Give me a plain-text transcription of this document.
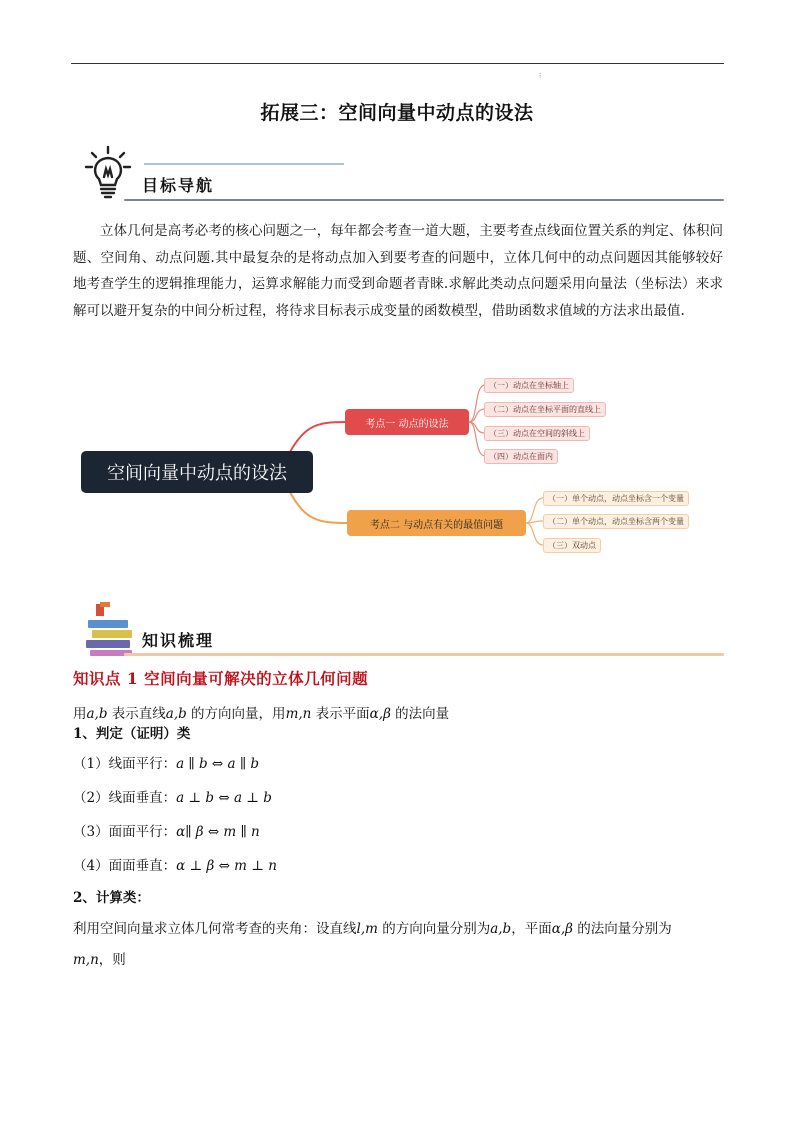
⁝
拓展三：空间向量中动点的设法
目标导航
立体几何是高考必考的核心问题之一，每年都会考查一道大题，主要考查点线面位置关系的判定、体积问题、空间角、动点问题.其中最复杂的是将动点加入到要考查的问题中，立体几何中的动点问题因其能够较好地考查学生的逻辑推理能力，运算求解能力而受到命题者青睐.求解此类动点问题采用向量法（坐标法）来求解可以避开复杂的中间分析过程，将待求目标表示成变量的函数模型，借助函数求值域的方法求出最值.
空间向量中动点的设法
考点一 动点的设法
考点二 与动点有关的最值问题
（一）动点在坐标轴上
（二）动点在坐标平面的直线上
（三）动点在空间的斜线上
（四）动点在面内
（一）单个动点，动点坐标含一个变量
（二）单个动点，动点坐标含两个变量
（三）双动点
知识梳理
知识点 1 空间向量可解决的立体几何问题
用a,b 表示直线a,b 的方向向量，用m,n 表示平面α,β 的法向量
1、判定（证明）类
（1）线面平行：a ∥ b ⇔ a ∥ b
（2）线面垂直：a ⊥ b ⇔ a ⊥ b
（3）面面平行：α∥ β ⇔ m ∥ n
（4）面面垂直：α ⊥ β ⇔ m ⊥ n
2、计算类：
利用空间向量求立体几何常考查的夹角：设直线l,m 的方向向量分别为a,b，平面α,β 的法向量分别为
m,n，则
